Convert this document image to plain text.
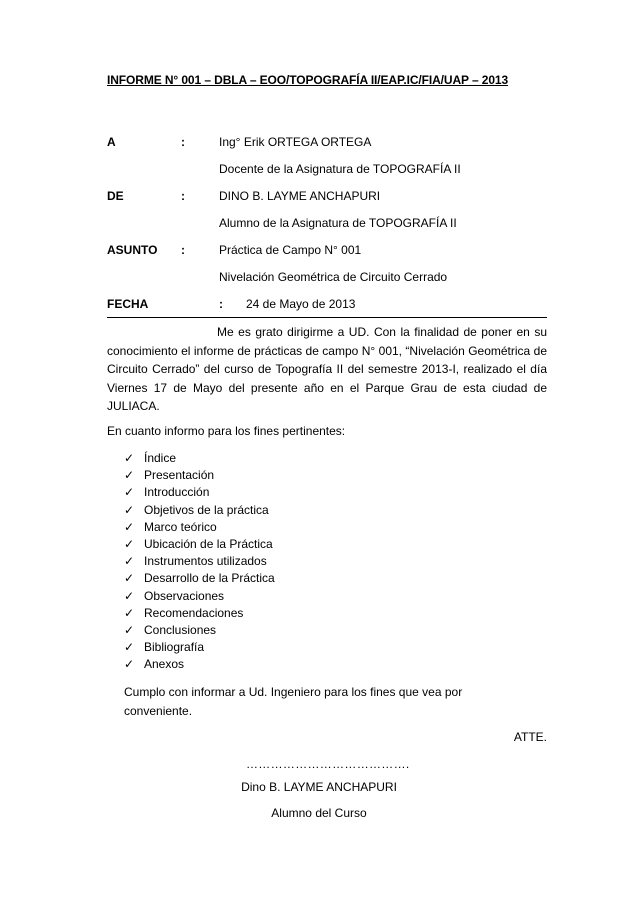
INFORME N° 001 – DBLA – EOO/TOPOGRAFÍA II/EAP.IC/FIA/UAP – 2013
A	:	Ing° Erik ORTEGA ORTEGA
Docente de la Asignatura de TOPOGRAFÍA II
DE	:	DINO B. LAYME ANCHAPURI
Alumno de la Asignatura de TOPOGRAFÍA II
ASUNTO :	Práctica de Campo N° 001
Nivelación Geométrica de Circuito Cerrado
FECHA	: 24 de Mayo de 2013
Me es grato dirigirme a UD. Con la finalidad de poner en su conocimiento el informe de prácticas de campo N° 001, “Nivelación Geométrica de Circuito Cerrado” del curso de Topografía II del semestre 2013-I, realizado el día Viernes 17 de Mayo del presente año en el Parque Grau de esta ciudad de JULIACA.
En cuanto informo para los fines pertinentes:
✓ Índice
✓ Presentación
✓ Introducción
✓ Objetivos de la práctica
✓ Marco teórico
✓ Ubicación de la Práctica
✓ Instrumentos utilizados
✓ Desarrollo de la Práctica
✓ Observaciones
✓ Recomendaciones
✓ Conclusiones
✓ Bibliografía
✓ Anexos
Cumplo con informar a Ud. Ingeniero para los fines que vea por conveniente.
ATTE.
………………………………….
Dino B. LAYME ANCHAPURI
Alumno del Curso
